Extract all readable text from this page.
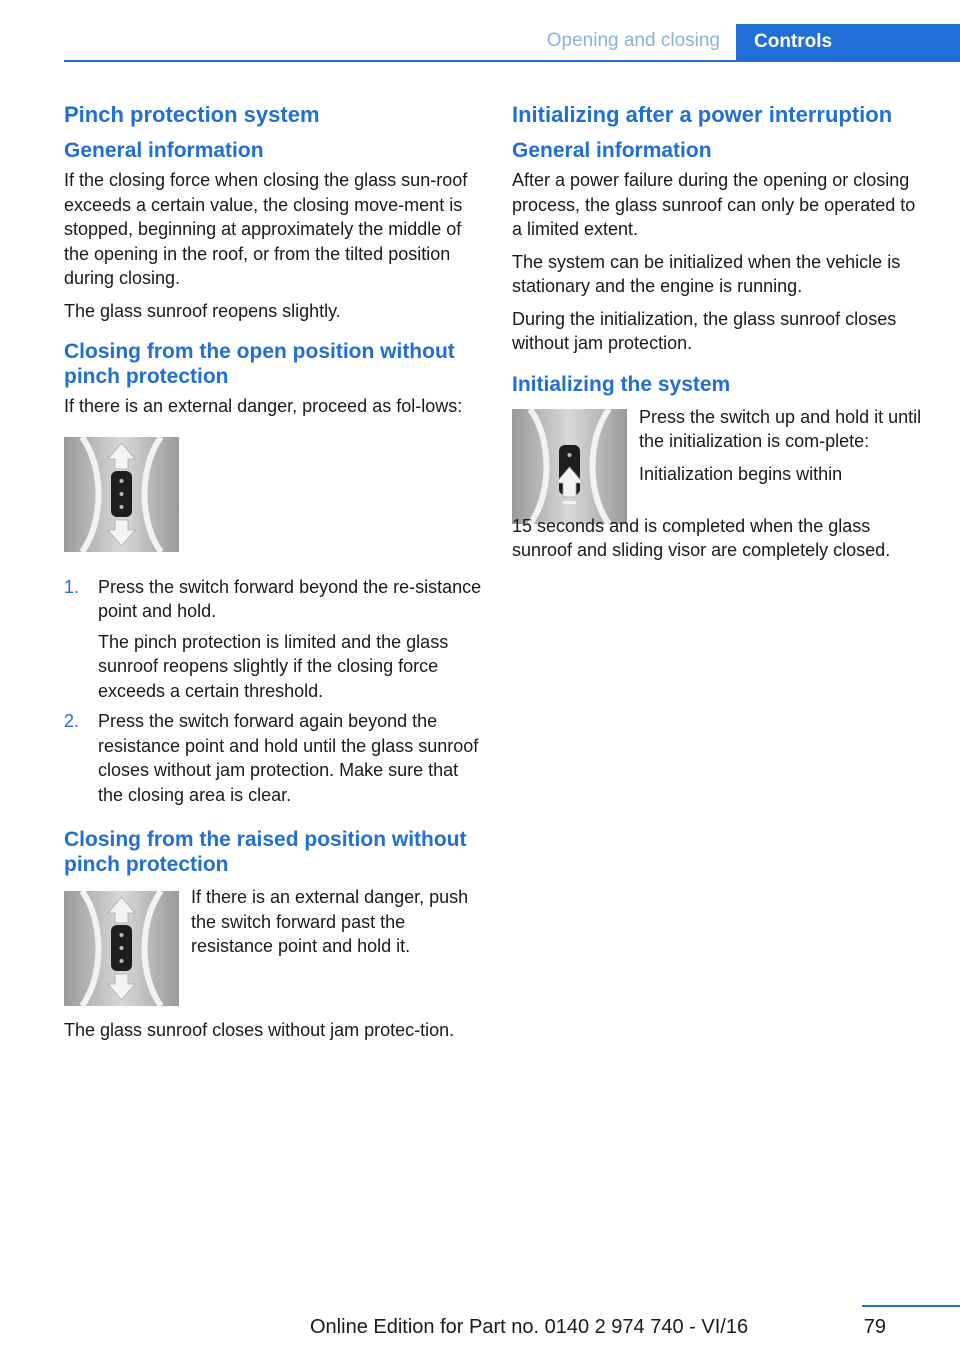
Opening and closing	Controls
Pinch protection system
General information

If the closing force when closing the glass sun‐roof exceeds a certain value, the closing move‐ment is stopped, beginning at approximately the middle of the opening in the roof, or from the tilted position during closing.

The glass sunroof reopens slightly.

Closing from the open position without pinch protection

If there is an external danger, proceed as fol‐lows:

1. Press the switch forward beyond the re‐sistance point and hold.

The pinch protection is limited and the glass sunroof reopens slightly if the closing force exceeds a certain threshold.

2. Press the switch forward again beyond the resistance point and hold until the glass sunroof closes without jam protection. Make sure that the closing area is clear.

Closing from the raised position without pinch protection

If there is an external danger, push the switch forward past the resistance point and hold it.

The glass sunroof closes without jam protec‐tion.

Initializing after a power interruption
General information

After a power failure during the opening or closing process, the glass sunroof can only be operated to a limited extent.

The system can be initialized when the vehicle is stationary and the engine is running.

During the initialization, the glass sunroof closes without jam protection.

Initializing the system

Press the switch up and hold it until the initialization is com‐plete:

Initialization begins within

15 seconds and is completed when the glass sunroof and sliding visor are completely closed.

79
Online Edition for Part no. 0140 2 974 740 - VI/16
